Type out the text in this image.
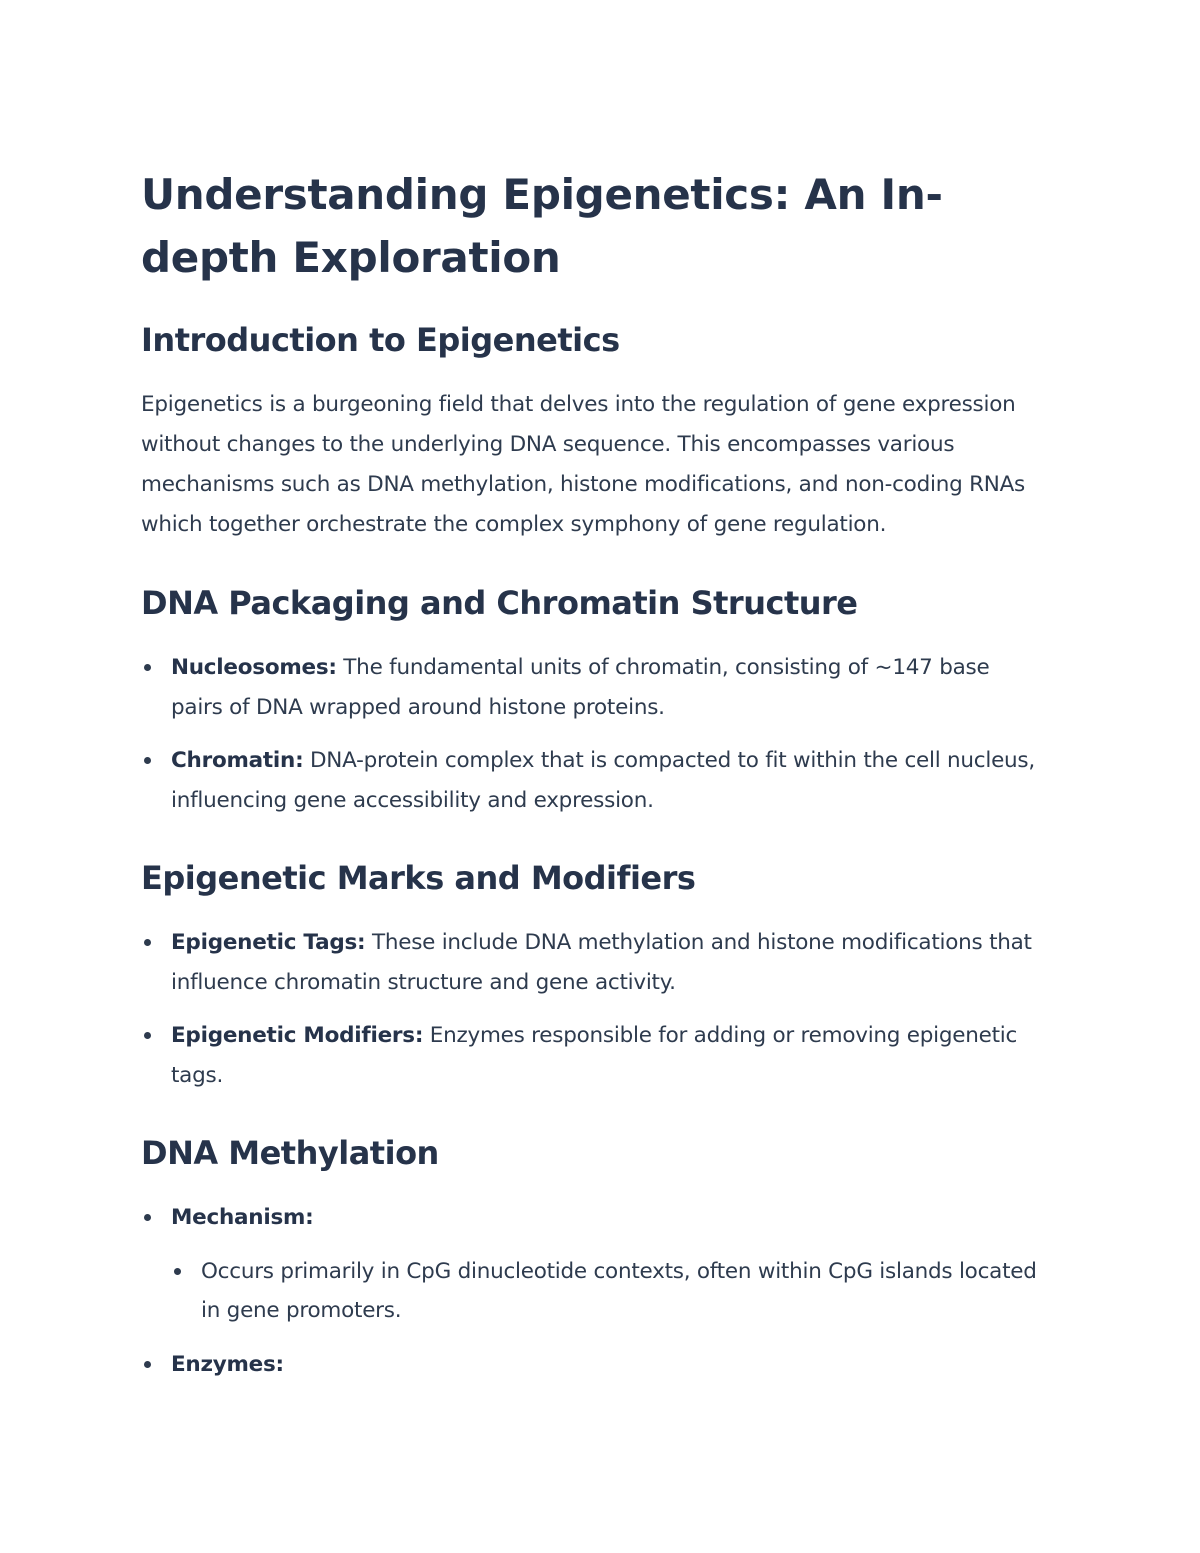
Understanding Epigenetics: An In-depth Exploration
Introduction to Epigenetics

Epigenetics is a burgeoning field that delves into the regulation of gene expression without changes to the underlying DNA sequence. This encompasses various mechanisms such as DNA methylation, histone modifications, and non-coding RNAs which together orchestrate the complex symphony of gene regulation.

DNA Packaging and Chromatin Structure
Nucleosomes: The fundamental units of chromatin, consisting of ~147 base pairs of DNA wrapped around histone proteins.
Chromatin: DNA-protein complex that is compacted to fit within the cell nucleus, influencing gene accessibility and expression.
Epigenetic Marks and Modifiers
Epigenetic Tags: These include DNA methylation and histone modifications that influence chromatin structure and gene activity.
Epigenetic Modifiers: Enzymes responsible for adding or removing epigenetic tags.
DNA Methylation
Mechanism:
Occurs primarily in CpG dinucleotide contexts, often within CpG islands located in gene promoters.
Enzymes:
